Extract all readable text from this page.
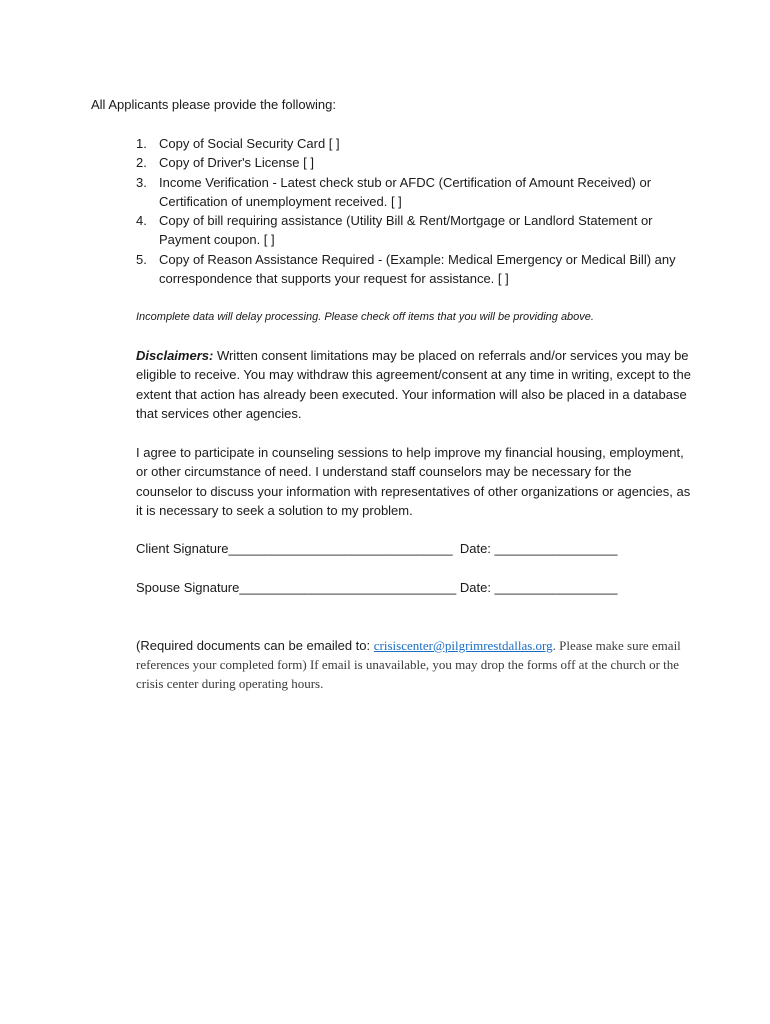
All Applicants please provide the following:
1. Copy of Social Security Card [ ]
2. Copy of Driver's License [ ]
3. Income Verification - Latest check stub or AFDC (Certification of Amount Received) or Certification of unemployment received. [ ]
4. Copy of bill requiring assistance (Utility Bill & Rent/Mortgage or Landlord Statement or Payment coupon. [ ]
5. Copy of Reason Assistance Required - (Example: Medical Emergency or Medical Bill) any correspondence that supports your request for assistance. [ ]
Incomplete data will delay processing. Please check off items that you will be providing above.
Disclaimers: Written consent limitations may be placed on referrals and/or services you may be eligible to receive. You may withdraw this agreement/consent at any time in writing, except to the extent that action has already been executed. Your information will also be placed in a database that services other agencies.
I agree to participate in counseling sessions to help improve my financial housing, employment, or other circumstance of need. I understand staff counselors may be necessary for the counselor to discuss your information with representatives of other organizations or agencies, as it is necessary to seek a solution to my problem.
Client Signature_______________________________  Date: _________________
Spouse Signature______________________________ Date: _________________
(Required documents can be emailed to: crisiscenter@pilgrimrestdallas.org. Please make sure email references your completed form) If email is unavailable, you may drop the forms off at the church or the crisis center during operating hours.
